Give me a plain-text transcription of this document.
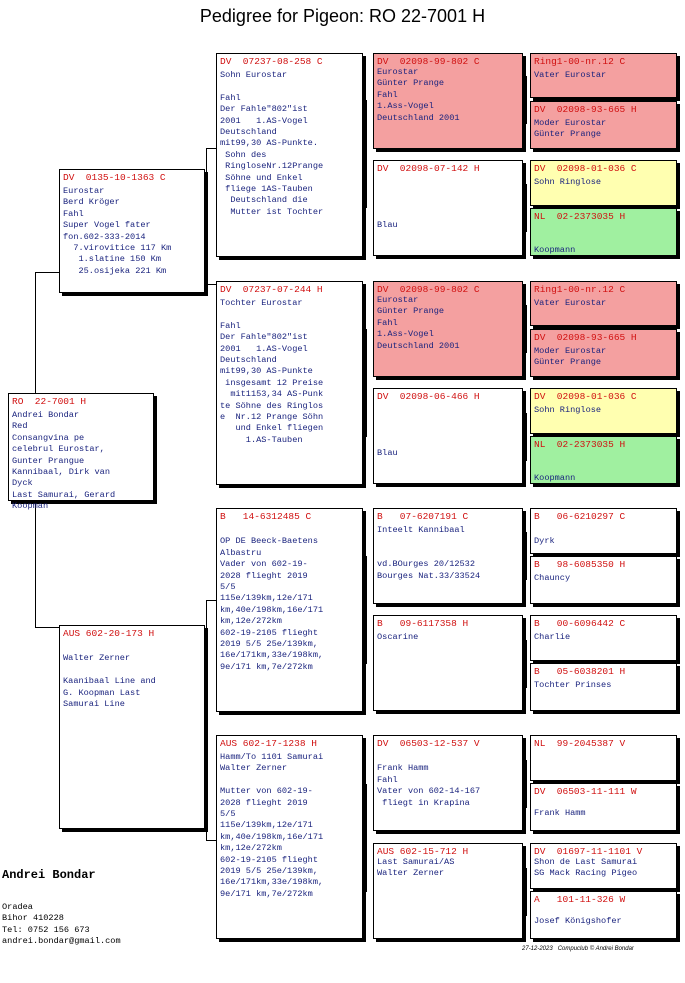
Pedigree for Pigeon: RO 22-7001 H
RO  22-7001 H
Andrei Bondar
Red
Consangvina pe
celebrul Eurostar,
Gunter Prangue
Kannibaal, Dirk van
Dyck
Last Samurai, Gerard
Koopman
DV  0135-10-1363 C
Eurostar
Berd Kröger
Fahl
Super Vogel fater
fon.602-333-2014
7.virovitice 117 Km
1.slatine 150 Km
25.osijeka 221 Km
AUS 602-20-173 H

Walter Zerner

Kaanibaal Line and
G. Koopman Last
Samurai Line
DV  07237-08-258 C
Sohn Eurostar

Fahl
Der Fahle"802"ist
2001   1.AS-Vogel
Deutschland
mit99,30 AS-Punkte.
Sohn des
RingloseNr.12Prange
Söhne und Enkel
fliege 1AS-Tauben
Deutschland die
Mutter ist Tochter
DV  07237-07-244 H
Tochter Eurostar

Fahl
Der Fahle"802"ist
2001   1.AS-Vogel
Deutschland
mit99,30 AS-Punkte
insgesamt 12 Preise
mit1153,34 AS-Punk
te Söhne des Ringlos
e  Nr.12 Prange Söhn
und Enkel fliegen
1.AS-Tauben
B   14-6312485 C

OP DE Beeck-Baetens
Albastru
Vader von 602-19-
2028 flieght 2019
5/5
115e/139km,12e/171
km,40e/198km,16e/171
km,12e/272km
602-19-2105 flieght
2019 5/5 25e/139km,
16e/171km,33e/198km,
9e/171 km,7e/272km
AUS 602-17-1238 H
Hamm/To 1101 Samurai
Walter Zerner

Mutter von 602-19-
2028 flieght 2019
5/5
115e/139km,12e/171
km,40e/198km,16e/171
km,12e/272km
602-19-2105 flieght
2019 5/5 25e/139km,
16e/171km,33e/198km,
9e/171 km,7e/272km
DV  02098-99-802 C
Eurostar
Günter Prange
Fahl
1.Ass-Vogel
Deutschland 2001
DV  02098-07-142 H

Blau
DV  02098-99-802 C
Eurostar
Günter Prange
Fahl
1.Ass-Vogel
Deutschland 2001
DV  02098-06-466 H

Blau
B   07-6207191 C
Inteelt Kannibaal

vd.BOurges 20/12532
Bourges Nat.33/33524
B   09-6117358 H
Oscarine
DV  06503-12-537 V

Frank Hamm
Fahl
Vater von 602-14-167
fliegt in Krapina
AUS 602-15-712 H
Last Samurai/AS
Walter Zerner
Ring1-00-nr.12 C
Vater Eurostar
DV  02098-93-665 H
Moder Eurostar
Günter Prange
DV  02098-01-036 C
Sohn Ringlose
NL  02-2373035 H

Koopmann
Ring1-00-nr.12 C
Vater Eurostar
DV  02098-93-665 H
Moder Eurostar
Günter Prange
DV  02098-01-036 C
Sohn Ringlose
NL  02-2373035 H

Koopmann
B   06-6210297 C

Dyrk
B   98-6085350 H
Chauncy
B   00-6096442 C
Charlie
B   05-6038201 H
Tochter Prinses
NL  99-2045387 V
DV  06503-11-111 W

Frank Hamm
DV  01697-11-1101 V
Shon de Last Samurai
SG Mack Racing Pigeo
A   101-11-326 W

Josef Königshofer
Andrei Bondar
Oradea
Bihor 410228
Tel: 0752 156 673
andrei.bondar@gmail.com
27-12-2023   Compuclub © Andrei Bondar
